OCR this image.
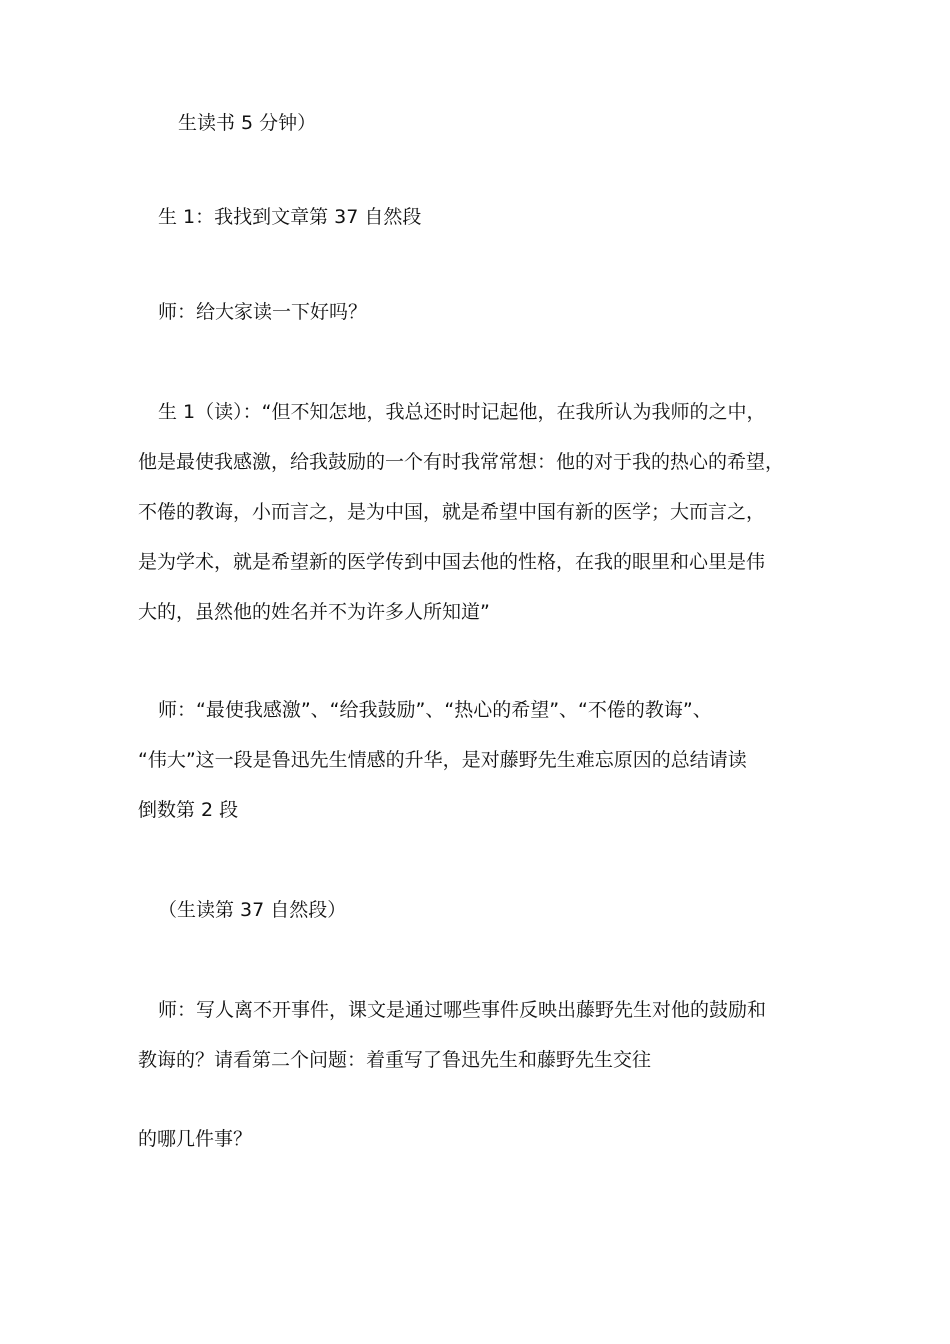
生读书 5 分钟）

生 1：我找到文章第 37 自然段

师：给大家读一下好吗？

生 1（读）：“但不知怎地，我总还时时记起他，在我所认为我师的之中，
他是最使我感激，给我鼓励的一个有时我常常想：他的对于我的热心的希望，
不倦的教诲，小而言之，是为中国，就是希望中国有新的医学；大而言之，
是为学术，就是希望新的医学传到中国去他的性格，在我的眼里和心里是伟
大的，虽然他的姓名并不为许多人所知道”

师：“最使我感激”、“给我鼓励”、“热心的希望”、“不倦的教诲”、
“伟大”这一段是鲁迅先生情感的升华，是对藤野先生难忘原因的总结请读
倒数第 2 段

（生读第 37 自然段）

师：写人离不开事件，课文是通过哪些事件反映出藤野先生对他的鼓励和
教诲的？请看第二个问题：着重写了鲁迅先生和藤野先生交往

的哪几件事？
